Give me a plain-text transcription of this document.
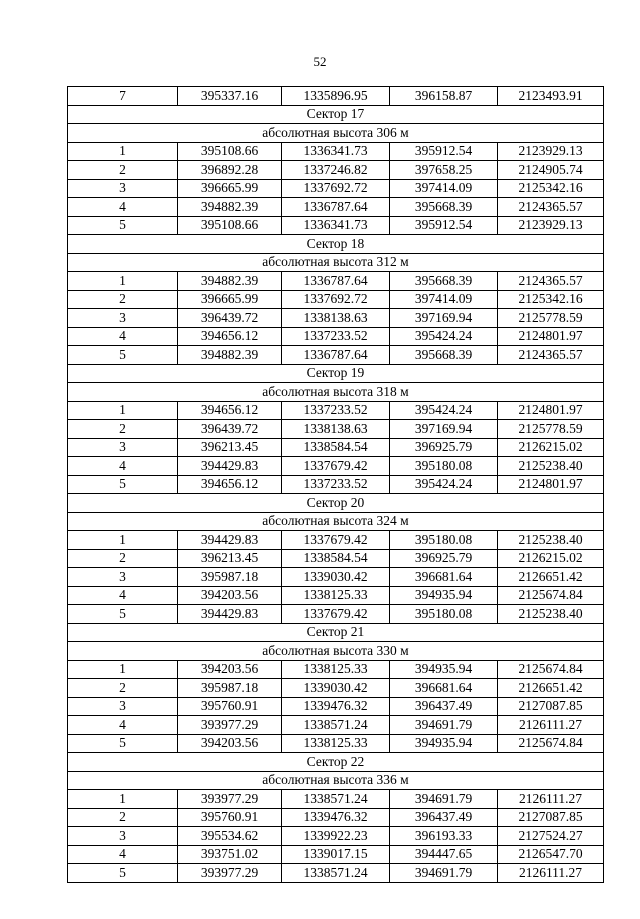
52
7	395337.16	1335896.95	396158.87	2123493.91
Сектор 17				
абсолютная высота 306 м				
1	395108.66	1336341.73	395912.54	2123929.13
2	396892.28	1337246.82	397658.25	2124905.74
3	396665.99	1337692.72	397414.09	2125342.16
4	394882.39	1336787.64	395668.39	2124365.57
5	395108.66	1336341.73	395912.54	2123929.13
Сектор 18				
абсолютная высота 312 м				
1	394882.39	1336787.64	395668.39	2124365.57
2	396665.99	1337692.72	397414.09	2125342.16
3	396439.72	1338138.63	397169.94	2125778.59
4	394656.12	1337233.52	395424.24	2124801.97
5	394882.39	1336787.64	395668.39	2124365.57
Сектор 19				
абсолютная высота 318 м				
1	394656.12	1337233.52	395424.24	2124801.97
2	396439.72	1338138.63	397169.94	2125778.59
3	396213.45	1338584.54	396925.79	2126215.02
4	394429.83	1337679.42	395180.08	2125238.40
5	394656.12	1337233.52	395424.24	2124801.97
Сектор 20				
абсолютная высота 324 м				
1	394429.83	1337679.42	395180.08	2125238.40
2	396213.45	1338584.54	396925.79	2126215.02
3	395987.18	1339030.42	396681.64	2126651.42
4	394203.56	1338125.33	394935.94	2125674.84
5	394429.83	1337679.42	395180.08	2125238.40
Сектор 21				
абсолютная высота 330 м				
1	394203.56	1338125.33	394935.94	2125674.84
2	395987.18	1339030.42	396681.64	2126651.42
3	395760.91	1339476.32	396437.49	2127087.85
4	393977.29	1338571.24	394691.79	2126111.27
5	394203.56	1338125.33	394935.94	2125674.84
Сектор 22				
абсолютная высота 336 м				
1	393977.29	1338571.24	394691.79	2126111.27
2	395760.91	1339476.32	396437.49	2127087.85
3	395534.62	1339922.23	396193.33	2127524.27
4	393751.02	1339017.15	394447.65	2126547.70
5	393977.29	1338571.24	394691.79	2126111.27
